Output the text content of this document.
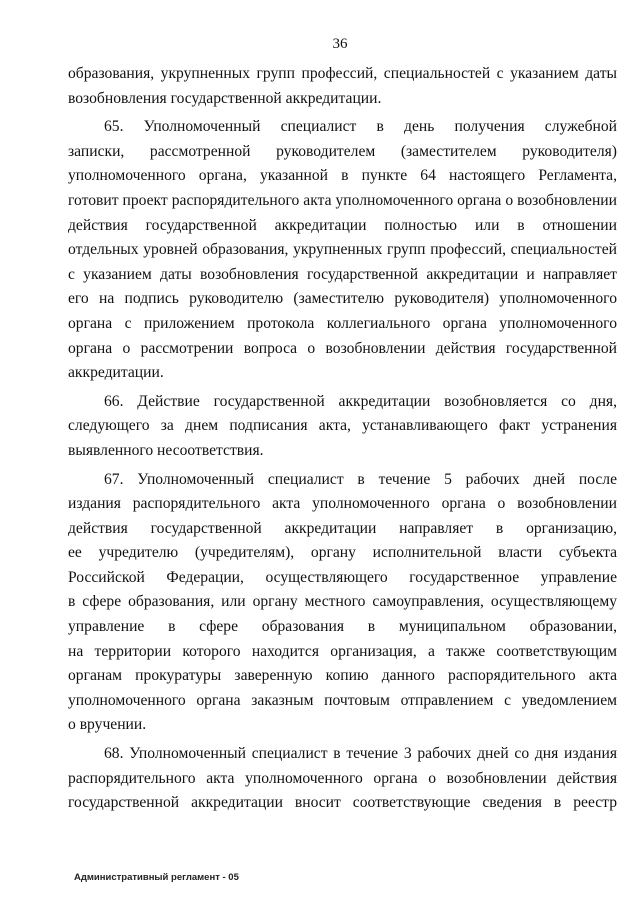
36
образования, укрупненных групп профессий, специальностей с указанием даты
возобновления государственной аккредитации.
65. Уполномоченный специалист в день получения служебной
записки, рассмотренной руководителем (заместителем руководителя)
уполномоченного органа, указанной в пункте 64 настоящего Регламента,
готовит проект распорядительного акта уполномоченного органа о возобновлении
действия государственной аккредитации полностью или в отношении
отдельных уровней образования, укрупненных групп профессий, специальностей
с указанием даты возобновления государственной аккредитации и направляет
его на подпись руководителю (заместителю руководителя) уполномоченного
органа с приложением протокола коллегиального органа уполномоченного
органа о рассмотрении вопроса о возобновлении действия государственной
аккредитации.
66. Действие государственной аккредитации возобновляется со дня,
следующего за днем подписания акта, устанавливающего факт устранения
выявленного несоответствия.
67. Уполномоченный специалист в течение 5 рабочих дней после
издания распорядительного акта уполномоченного органа о возобновлении
действия государственной аккредитации направляет в организацию,
ее учредителю (учредителям), органу исполнительной власти субъекта
Российской Федерации, осуществляющего государственное управление
в сфере образования, или органу местного самоуправления, осуществляющему
управление в сфере образования в муниципальном образовании,
на территории которого находится организация, а также соответствующим
органам прокуратуры заверенную копию данного распорядительного акта
уполномоченного органа заказным почтовым отправлением с уведомлением
о вручении.
68. Уполномоченный специалист в течение 3 рабочих дней со дня издания
распорядительного акта уполномоченного органа о возобновлении действия
государственной аккредитации вносит соответствующие сведения в реестр
Административный регламент - 05
